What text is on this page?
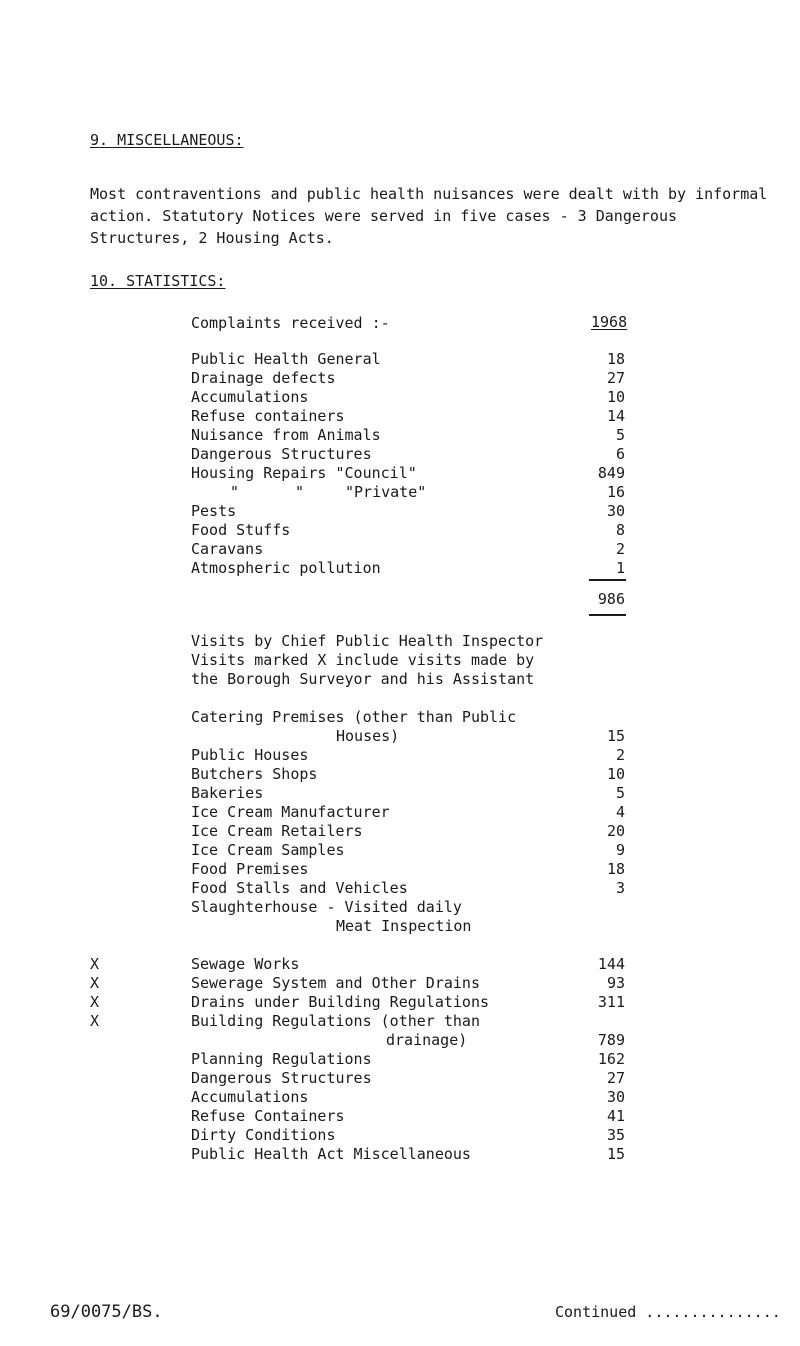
9. MISCELLANEOUS:
Most contraventions and public health nuisances were dealt with by informal action. Statutory Notices were served in five cases - 3 Dangerous Structures, 2 Housing Acts.
10. STATISTICS:
Complaints received :-	1968
Public Health General	18
Drainage defects	27
Accumulations	10
Refuse containers	14
Nuisance from Animals	5
Dangerous Structures	6
Housing Repairs "Council"	849
"	"	"Private"	16
Pests	30
Food Stuffs	8
Caravans	2
Atmospheric pollution	1
986
Visits by Chief Public Health Inspector
Visits marked X include visits made by
the Borough Surveyor and his Assistant
Catering Premises (other than Public
Houses)	15
Public Houses	2
Butchers Shops	10
Bakeries	5
Ice Cream Manufacturer	4
Ice Cream Retailers	20
Ice Cream Samples	9
Food Premises	18
Food Stalls and Vehicles	3
Slaughterhouse - Visited daily
Meat Inspection
X	Sewage Works	144
X	Sewerage System and Other Drains	93
X	Drains under Building Regulations	311
X	Building Regulations (other than
drainage)	789
Planning Regulations	162
Dangerous Structures	27
Accumulations	30
Refuse Containers	41
Dirty Conditions	35
Public Health Act Miscellaneous	15
69/0075/BS.	Continued ...............
